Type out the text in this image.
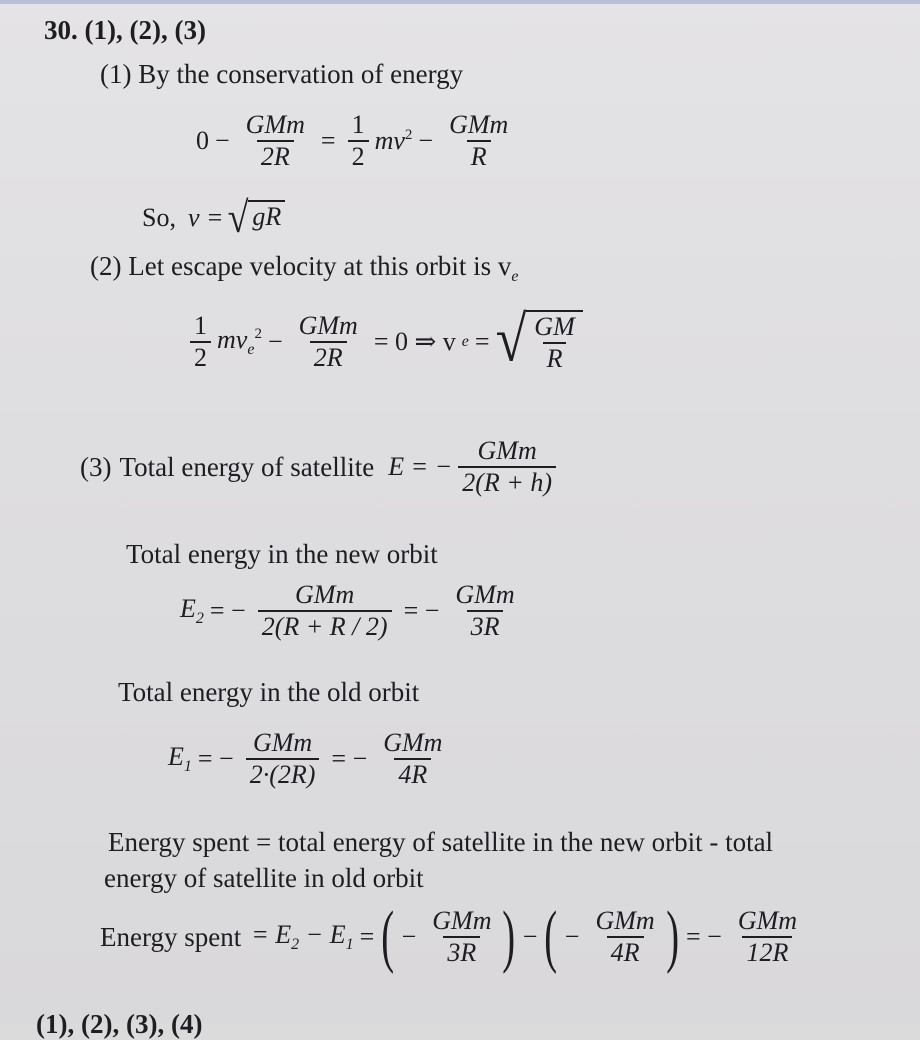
30. (1), (2), (3)
(1) By the conservation of energy
$0 - \frac{\text{GMm}}{2R} = \frac{1}{2} mv^2 - \frac{\text{GMm}}{R}$
So, v = √ gR
(2) Let escape velocity at this orbit is $v_e$
$\frac{1}{2} mv_e^2 - \frac{\text{GMm}}{2R} = 0$ ⇒ v e = √ $\frac{GM}{R}$
(3) Total energy of satellite E = − $\frac{\text{GMm}}{2(R + h)}$
Total energy in the new orbit
$E_2$ = − $\frac{\text{GMm}}{2(R + R / 2)}$ = − $\frac{\text{GMm}}{3R}$
Total energy in the old orbit
$E_1$ = − $\frac{\text{GMm}}{2\cdot(2R)}$ = − $\frac{\text{GMm}}{4R}$
Energy spent = total energy of satellite in the new orbit - total
energy of satellite in old orbit
Energy spent = $E_2 - E_1$ = ( − $\frac{\text{GMm}}{3R}$ ) − ( − $\frac{\text{GMm}}{4R}$ ) = − $\frac{\text{GMm}}{12R}$
(1), (2), (3), (4)
